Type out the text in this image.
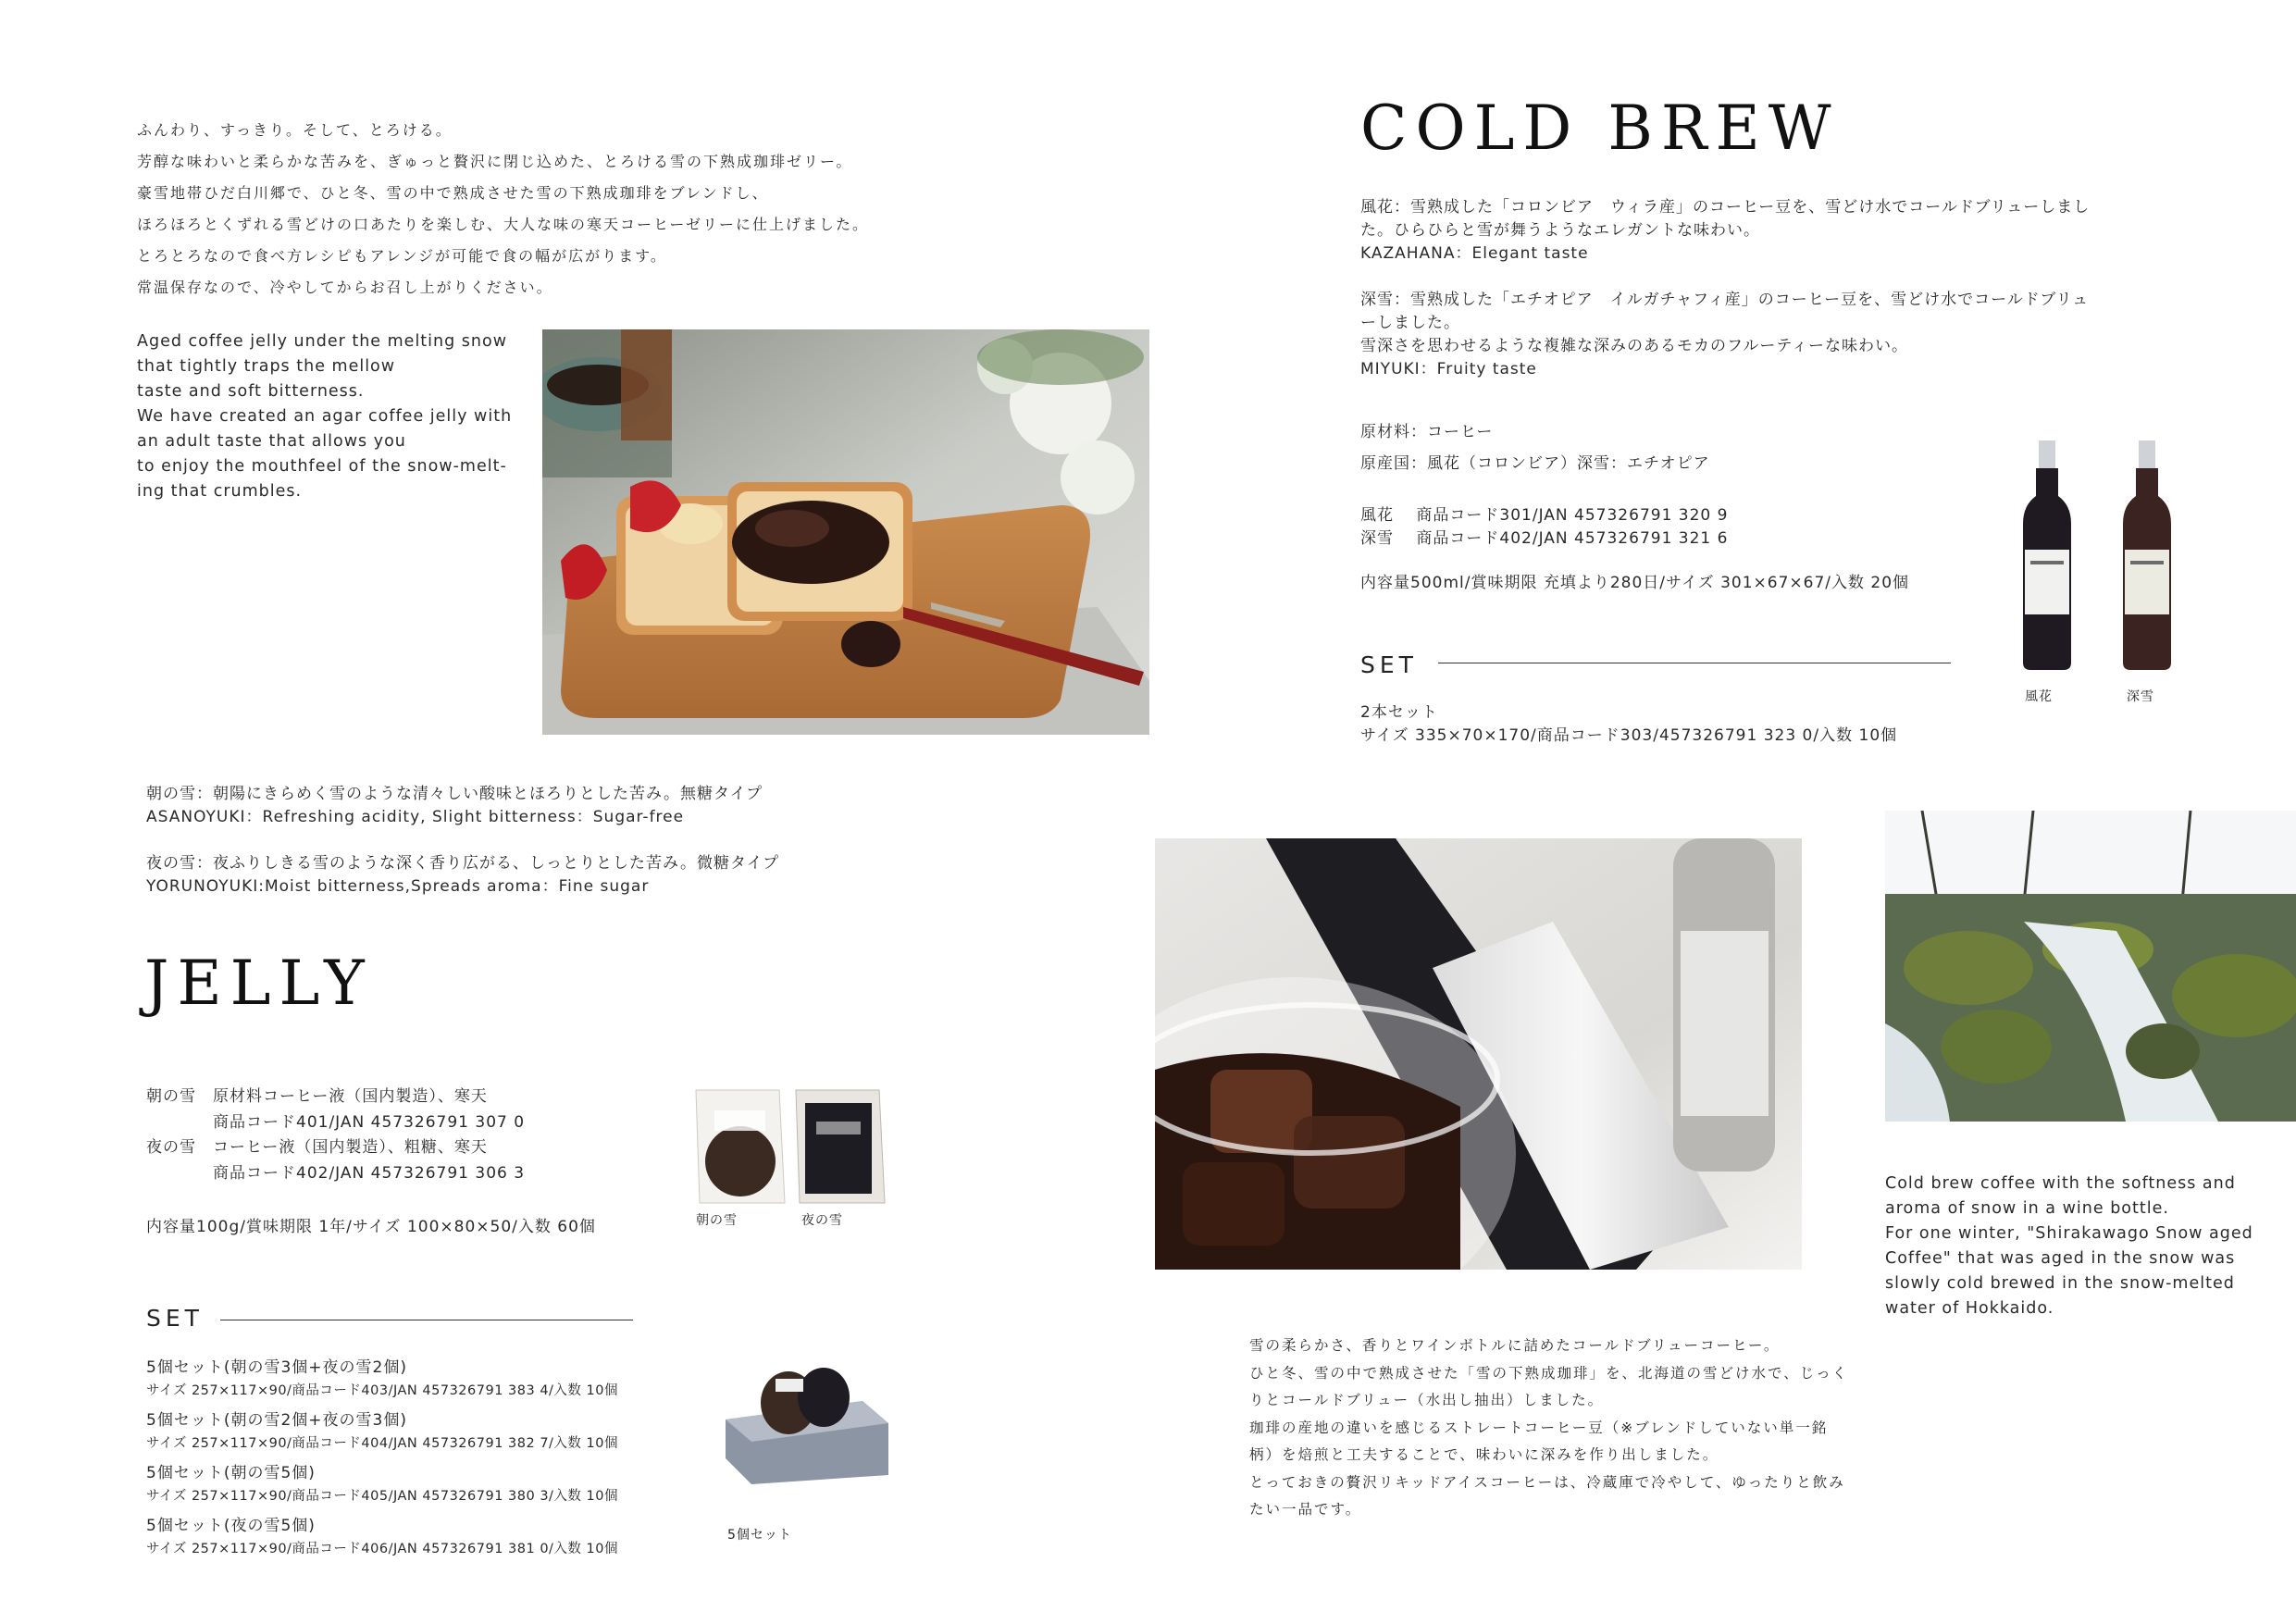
ふんわり、すっきり。そして、とろける。
芳醇な味わいと柔らかな苦みを、ぎゅっと贅沢に閉じ込めた、とろける雪の下熟成珈琲ゼリー。
豪雪地帯ひだ白川郷で、ひと冬、雪の中で熟成させた雪の下熟成珈琲をブレンドし、
ほろほろとくずれる雪どけの口あたりを楽しむ、大人な味の寒天コーヒーゼリーに仕上げました。
とろとろなので食べ方レシピもアレンジが可能で食の幅が広がります。
常温保存なので、冷やしてからお召し上がりください。
Aged coffee jelly under the melting snow
that tightly traps the mellow
taste and soft bitterness.
We have created an agar coffee jelly with
an adult taste that allows you
to enjoy the mouthfeel of the snow-melt-
ing that crumbles.
朝の雪：朝陽にきらめく雪のような清々しい酸味とほろりとした苦み。無糖タイプ
ASANOYUKI：Refreshing acidity, Slight bitterness：Sugar-free
夜の雪：夜ふりしきる雪のような深く香り広がる、しっとりとした苦み。微糖タイプ
YORUNOYUKI:Moist bitterness,Spreads aroma：Fine sugar
JELLY
朝の雪　原材料コーヒー液（国内製造）、寒天
　　　　商品コード401/JAN 457326791 307 0
夜の雪　コーヒー液（国内製造）、粗糖、寒天
　　　　商品コード402/JAN 457326791 306 3
内容量100g/賞味期限 1年/サイズ 100×80×50/入数 60個	朝の雪	夜の雪
SET
5個セット(朝の雪3個+夜の雪2個)
サイズ 257×117×90/商品コード403/JAN 457326791 383 4/入数 10個
5個セット(朝の雪2個+夜の雪3個)
サイズ 257×117×90/商品コード404/JAN 457326791 382 7/入数 10個
5個セット(朝の雪5個)
サイズ 257×117×90/商品コード405/JAN 457326791 380 3/入数 10個
5個セット(夜の雪5個)
サイズ 257×117×90/商品コード406/JAN 457326791 381 0/入数 10個
5個セット
COLD BREW
風花：雪熟成した「コロンビア　ウィラ産」のコーヒー豆を、雪どけ水でコールドブリューしまし
た。ひらひらと雪が舞うようなエレガントな味わい。
KAZAHANA：Elegant taste
深雪：雪熟成した「エチオピア　イルガチャフィ産」のコーヒー豆を、雪どけ水でコールドブリュ
ーしました。
雪深さを思わせるような複雑な深みのあるモカのフルーティーな味わい。
MIYUKI：Fruity taste
原材料：コーヒー
原産国：風花（コロンビア）深雪：エチオピア
風花　 商品コード301/JAN 457326791 320 9
深雪　 商品コード402/JAN 457326791 321 6
内容量500ml/賞味期限 充填より280日/サイズ 301×67×67/入数 20個
風花	深雪
SET
2本セット
サイズ 335×70×170/商品コード303/457326791 323 0/入数 10個
Cold brew coffee with the softness and
aroma of snow in a wine bottle.
For one winter, "Shirakawago Snow aged
Coffee" that was aged in the snow was
slowly cold brewed in the snow-melted
water of Hokkaido.
雪の柔らかさ、香りとワインボトルに詰めたコールドブリューコーヒー。
ひと冬、雪の中で熟成させた「雪の下熟成珈琲」を、北海道の雪どけ水で、じっく
りとコールドブリュー（水出し抽出）しました。
珈琲の産地の違いを感じるストレートコーヒー豆（※ブレンドしていない単一銘
柄）を焙煎と工夫することで、味わいに深みを作り出しました。
とっておきの贅沢リキッドアイスコーヒーは、冷蔵庫で冷やして、ゆったりと飲み
たい一品です。
